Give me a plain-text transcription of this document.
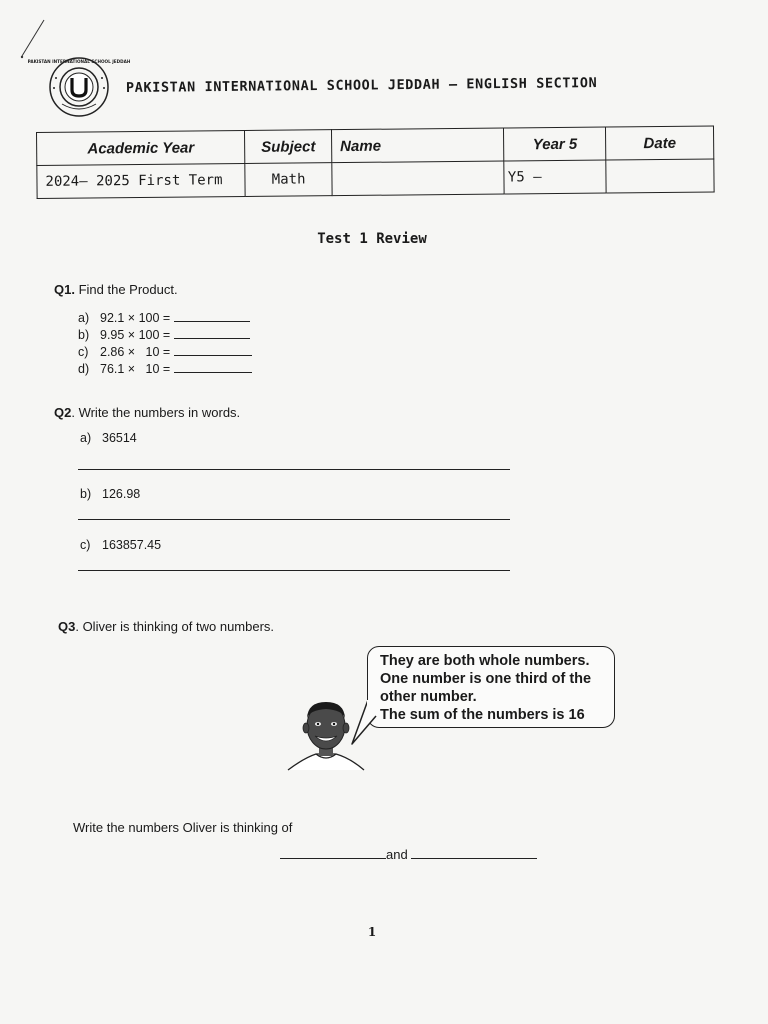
PAKISTAN INTERNATIONAL SCHOOL JEDDAH
PAKISTAN INTERNATIONAL SCHOOL JEDDAH – ENGLISH SECTION
Academic Year	Subject	Name	Year 5	Date
2024– 2025 First Term	Math		Y5 –	
Test 1 Review
Q1. Find the Product.
a) 92.1 × 100 =
b) 9.95 × 100 =
c) 2.86 ×   10 =
d) 76.1 ×   10 =
Q2. Write the numbers in words.
a) 36514
b) 126.98
c) 163857.45
Q3. Oliver is thinking of two numbers.
They are both whole numbers.
One number is one third of the
other number.
The sum of the numbers is 16
Write the numbers Oliver is thinking of
and
1
